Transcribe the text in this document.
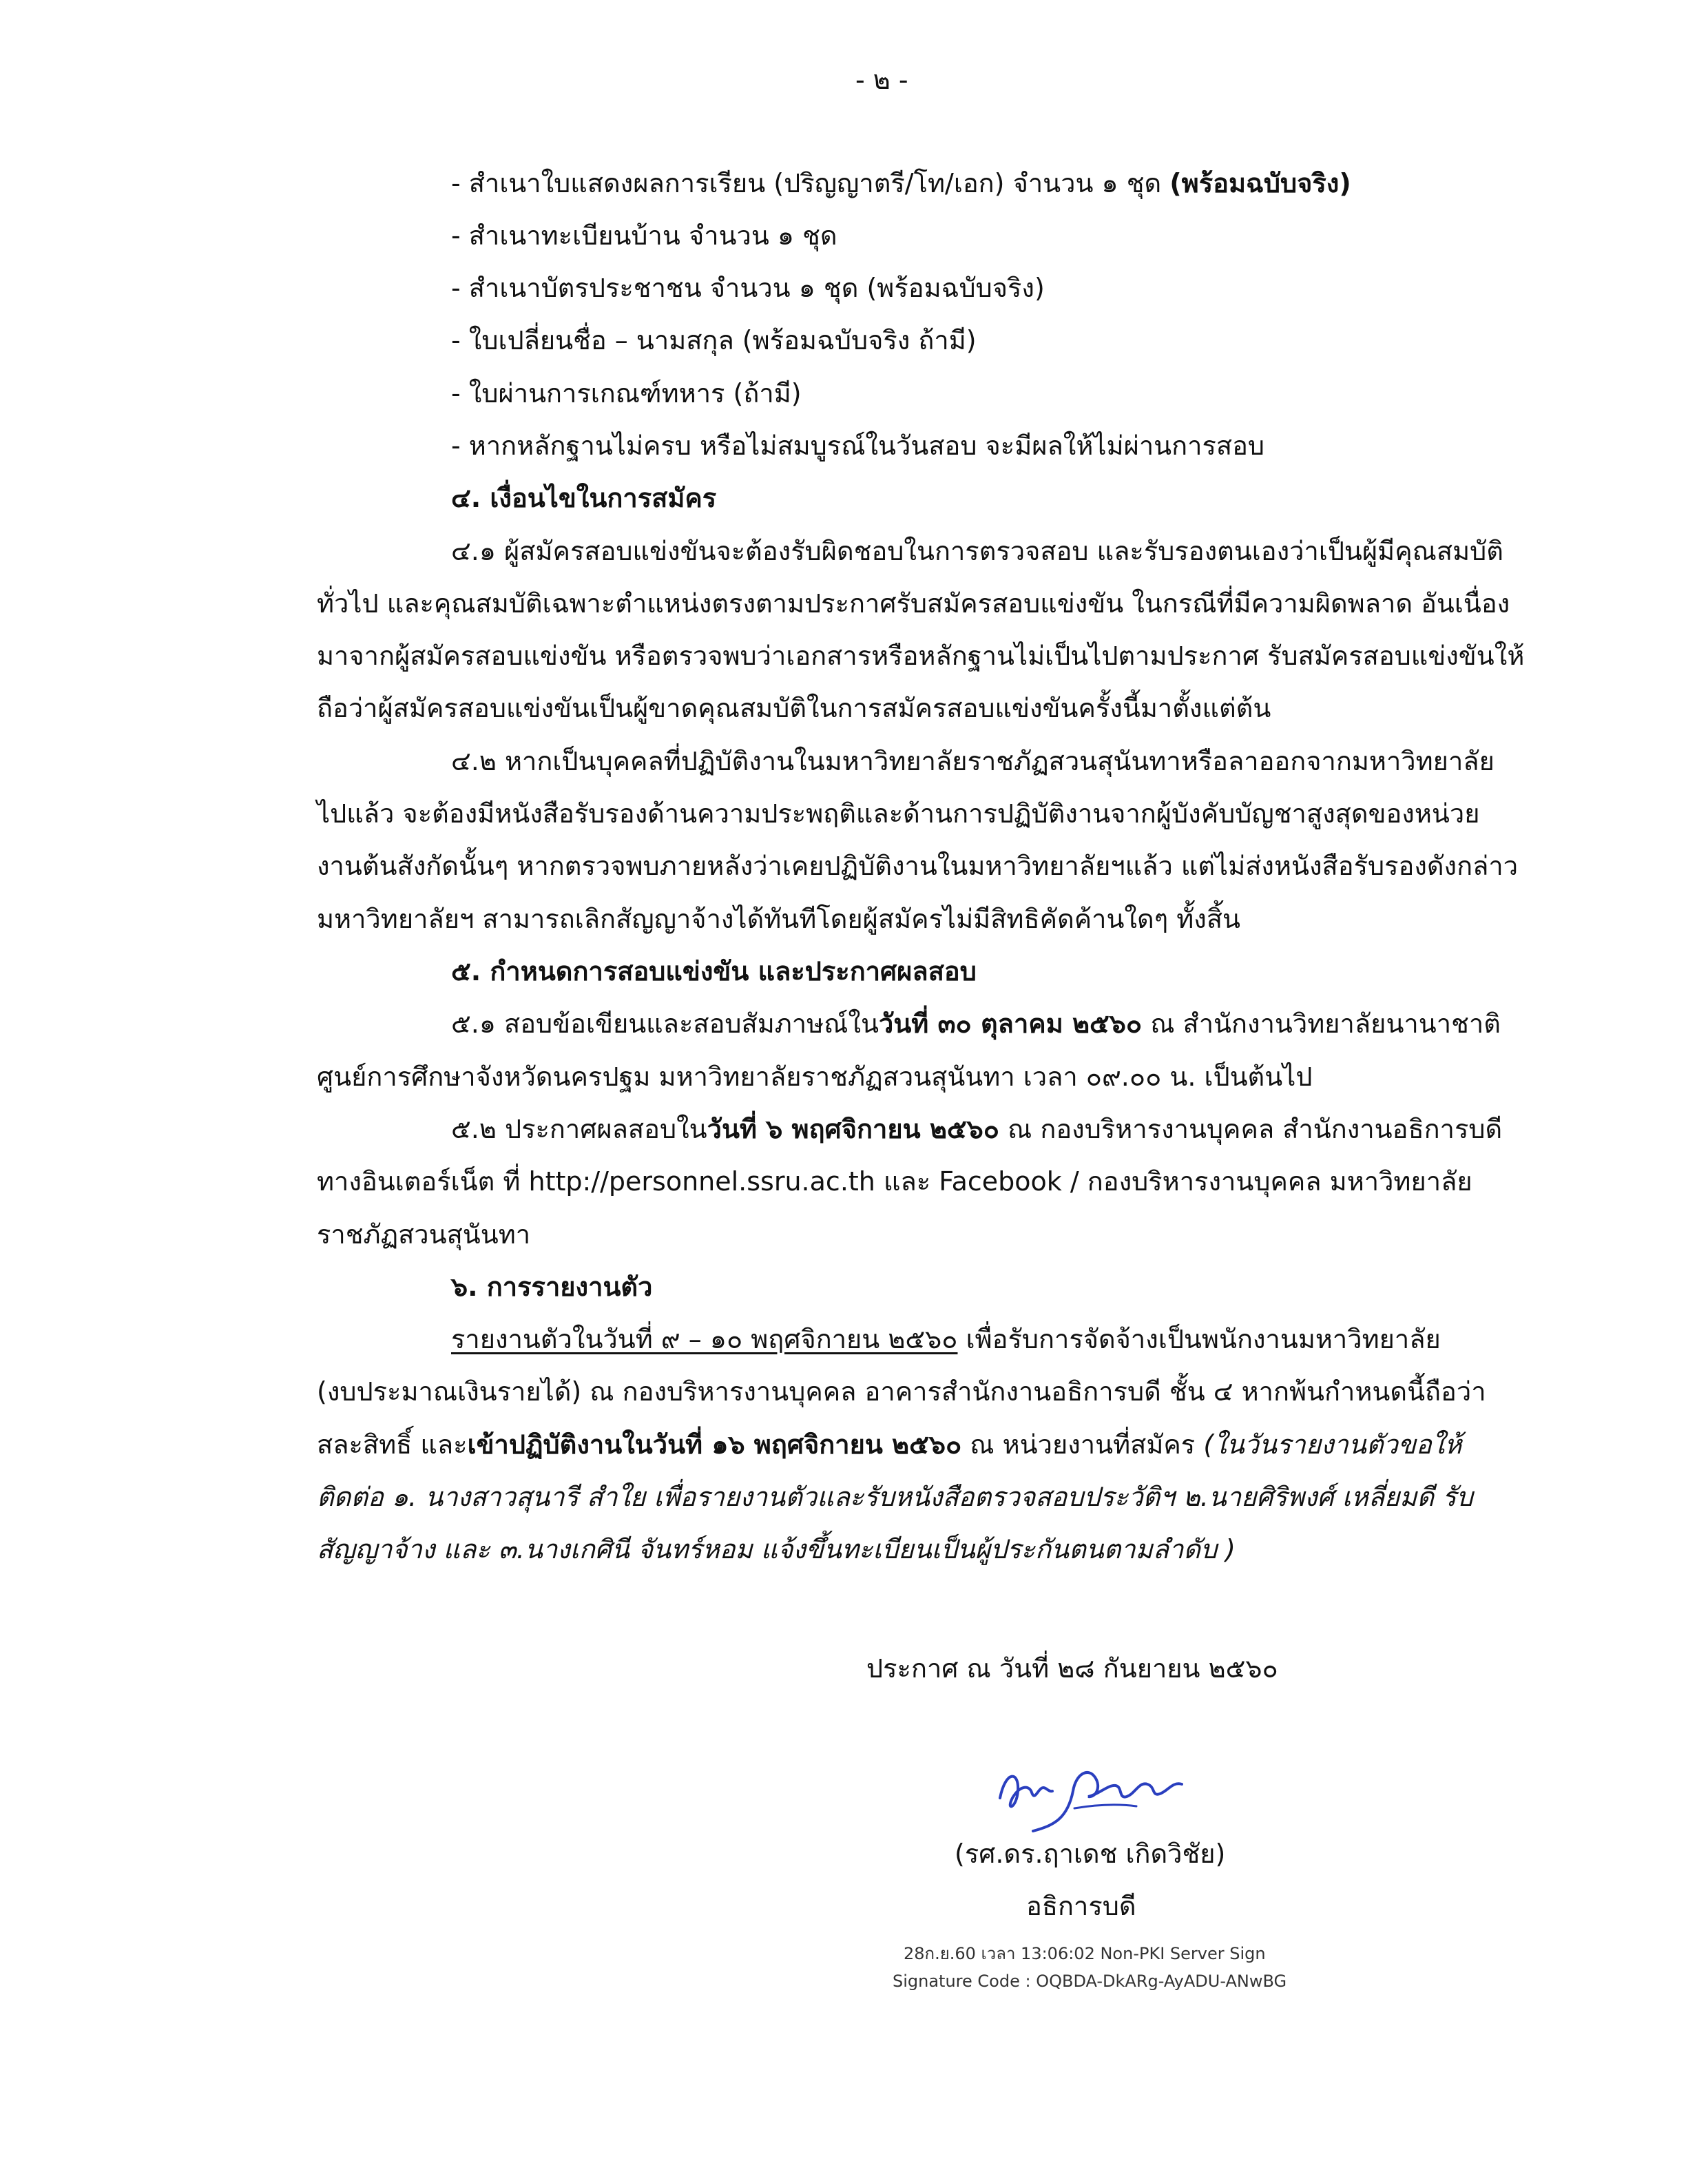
- ๒ -
- สำเนาใบแสดงผลการเรียน (ปริญญาตรี/โท/เอก) จำนวน ๑ ชุด (พร้อมฉบับจริง)
- สำเนาทะเบียนบ้าน จำนวน ๑ ชุด
- สำเนาบัตรประชาชน จำนวน ๑ ชุด (พร้อมฉบับจริง)
- ใบเปลี่ยนชื่อ – นามสกุล (พร้อมฉบับจริง ถ้ามี)
- ใบผ่านการเกณฑ์ทหาร (ถ้ามี)
- หากหลักฐานไม่ครบ หรือไม่สมบูรณ์ในวันสอบ จะมีผลให้ไม่ผ่านการสอบ
๔. เงื่อนไขในการสมัคร
๔.๑ ผู้สมัครสอบแข่งขันจะต้องรับผิดชอบในการตรวจสอบ และรับรองตนเองว่าเป็นผู้มีคุณสมบัติ
ทั่วไป และคุณสมบัติเฉพาะตำแหน่งตรงตามประกาศรับสมัครสอบแข่งขัน ในกรณีที่มีความผิดพลาด อันเนื่อง
มาจากผู้สมัครสอบแข่งขัน หรือตรวจพบว่าเอกสารหรือหลักฐานไม่เป็นไปตามประกาศ รับสมัครสอบแข่งขันให้
ถือว่าผู้สมัครสอบแข่งขันเป็นผู้ขาดคุณสมบัติในการสมัครสอบแข่งขันครั้งนี้มาตั้งแต่ต้น
๔.๒ หากเป็นบุคคลที่ปฏิบัติงานในมหาวิทยาลัยราชภัฏสวนสุนันทาหรือลาออกจากมหาวิทยาลัย
ไปแล้ว จะต้องมีหนังสือรับรองด้านความประพฤติและด้านการปฏิบัติงานจากผู้บังคับบัญชาสูงสุดของหน่วย
งานต้นสังกัดนั้นๆ หากตรวจพบภายหลังว่าเคยปฏิบัติงานในมหาวิทยาลัยฯแล้ว แต่ไม่ส่งหนังสือรับรองดังกล่าว
มหาวิทยาลัยฯ สามารถเลิกสัญญาจ้างได้ทันทีโดยผู้สมัครไม่มีสิทธิคัดค้านใดๆ ทั้งสิ้น
๕. กำหนดการสอบแข่งขัน และประกาศผลสอบ
๕.๑ สอบข้อเขียนและสอบสัมภาษณ์ในวันที่ ๓๐ ตุลาคม ๒๕๖๐ ณ สำนักงานวิทยาลัยนานาชาติ
ศูนย์การศึกษาจังหวัดนครปฐม มหาวิทยาลัยราชภัฏสวนสุนันทา เวลา ๐๙.๐๐ น. เป็นต้นไป
๕.๒ ประกาศผลสอบในวันที่ ๖ พฤศจิกายน ๒๕๖๐ ณ กองบริหารงานบุคคล สำนักงานอธิการบดี
ทางอินเตอร์เน็ต ที่ http://personnel.ssru.ac.th และ Facebook / กองบริหารงานบุคคล มหาวิทยาลัย
ราชภัฏสวนสุนันทา
๖. การรายงานตัว
รายงานตัวในวันที่ ๙ – ๑๐ พฤศจิกายน ๒๕๖๐ เพื่อรับการจัดจ้างเป็นพนักงานมหาวิทยาลัย
(งบประมาณเงินรายได้) ณ กองบริหารงานบุคคล อาคารสำนักงานอธิการบดี ชั้น ๔ หากพ้นกำหนดนี้ถือว่า
สละสิทธิ์ และเข้าปฏิบัติงานในวันที่ ๑๖ พฤศจิกายน ๒๕๖๐ ณ หน่วยงานที่สมัคร (ในวันรายงานตัวขอให้
ติดต่อ ๑. นางสาวสุนารี สำใย เพื่อรายงานตัวและรับหนังสือตรวจสอบประวัติฯ ๒.นายศิริพงศ์ เหลี่ยมดี รับ
สัญญาจ้าง และ ๓.นางเกศินี จันทร์หอม แจ้งขึ้นทะเบียนเป็นผู้ประกันตนตามลำดับ )
ประกาศ ณ วันที่ ๒๘ กันยายน ๒๕๖๐
(รศ.ดร.ฤาเดช เกิดวิชัย)
อธิการบดี
28ก.ย.60 เวลา 13:06:02 Non-PKI Server Sign
Signature Code : OQBDA-DkARg-AyADU-ANwBG
